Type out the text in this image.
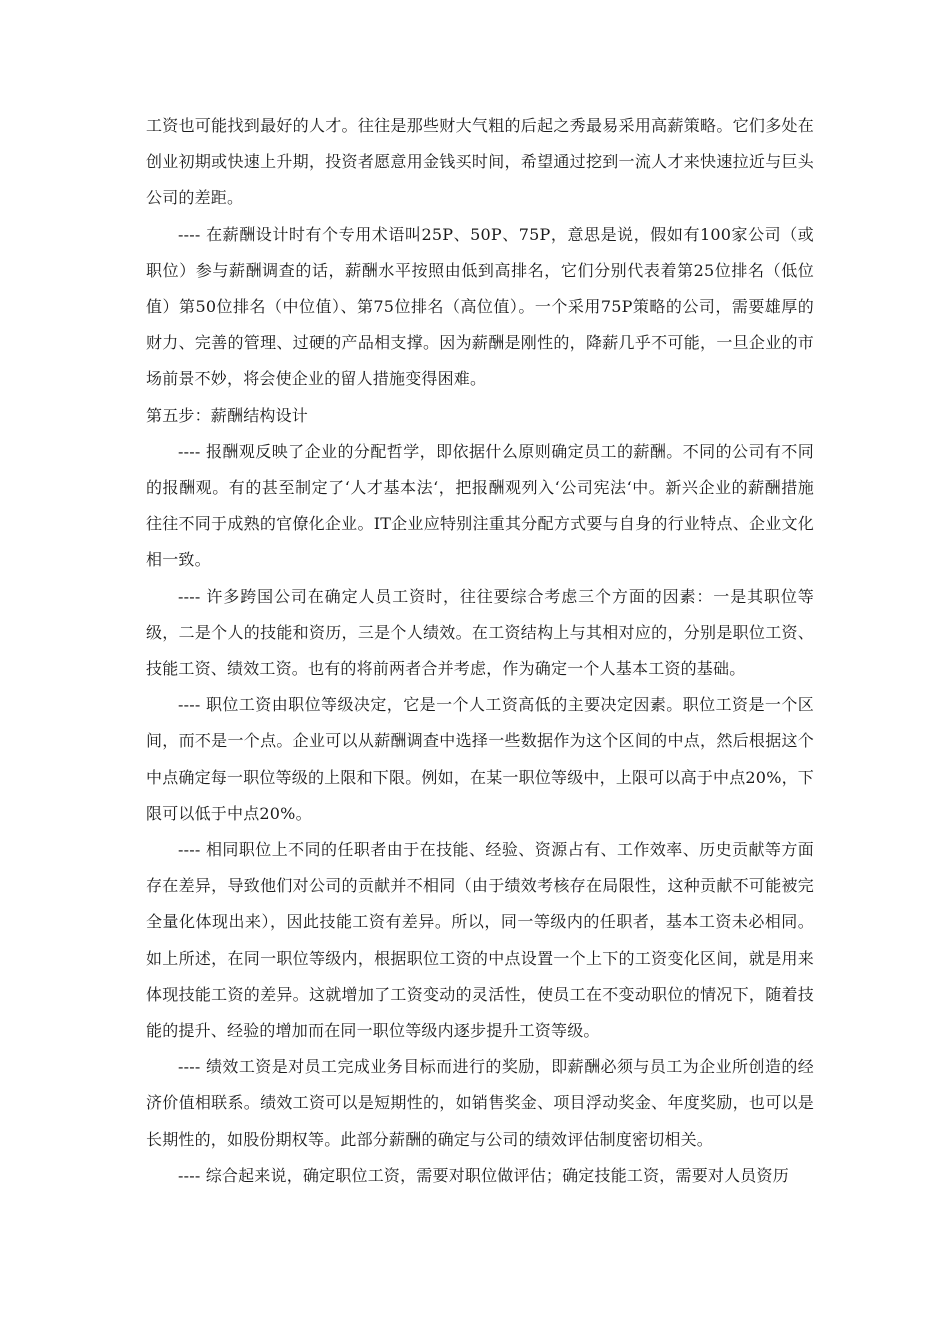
工资也可能找到最好的人才。往往是那些财大气粗的后起之秀最易采用高薪策略。它们多处在创业初期或快速上升期，投资者愿意用金钱买时间，希望通过挖到一流人才来快速拉近与巨头公司的差距。

---- 在薪酬设计时有个专用术语叫25P、50P、75P，意思是说，假如有100家公司（或职位）参与薪酬调查的话，薪酬水平按照由低到高排名，它们分别代表着第25位排名（低位值）第50位排名（中位值）、第75位排名（高位值）。一个采用75P策略的公司，需要雄厚的财力、完善的管理、过硬的产品相支撑。因为薪酬是刚性的，降薪几乎不可能，一旦企业的市场前景不妙，将会使企业的留人措施变得困难。

第五步：薪酬结构设计

---- 报酬观反映了企业的分配哲学，即依据什么原则确定员工的薪酬。不同的公司有不同的报酬观。有的甚至制定了‘人才基本法‘，把报酬观列入‘公司宪法‘中。新兴企业的薪酬措施往往不同于成熟的官僚化企业。IT企业应特别注重其分配方式要与自身的行业特点、企业文化相一致。

---- 许多跨国公司在确定人员工资时，往往要综合考虑三个方面的因素：一是其职位等级，二是个人的技能和资历，三是个人绩效。在工资结构上与其相对应的，分别是职位工资、技能工资、绩效工资。也有的将前两者合并考虑，作为确定一个人基本工资的基础。

---- 职位工资由职位等级决定，它是一个人工资高低的主要决定因素。职位工资是一个区间，而不是一个点。企业可以从薪酬调查中选择一些数据作为这个区间的中点，然后根据这个中点确定每一职位等级的上限和下限。例如，在某一职位等级中，上限可以高于中点20%，下限可以低于中点20%。

---- 相同职位上不同的任职者由于在技能、经验、资源占有、工作效率、历史贡献等方面存在差异，导致他们对公司的贡献并不相同（由于绩效考核存在局限性，这种贡献不可能被完全量化体现出来），因此技能工资有差异。所以，同一等级内的任职者，基本工资未必相同。如上所述，在同一职位等级内，根据职位工资的中点设置一个上下的工资变化区间，就是用来体现技能工资的差异。这就增加了工资变动的灵活性，使员工在不变动职位的情况下，随着技能的提升、经验的增加而在同一职位等级内逐步提升工资等级。

---- 绩效工资是对员工完成业务目标而进行的奖励，即薪酬必须与员工为企业所创造的经济价值相联系。绩效工资可以是短期性的，如销售奖金、项目浮动奖金、年度奖励，也可以是长期性的，如股份期权等。此部分薪酬的确定与公司的绩效评估制度密切相关。

---- 综合起来说，确定职位工资，需要对职位做评估；确定技能工资，需要对人员资历
